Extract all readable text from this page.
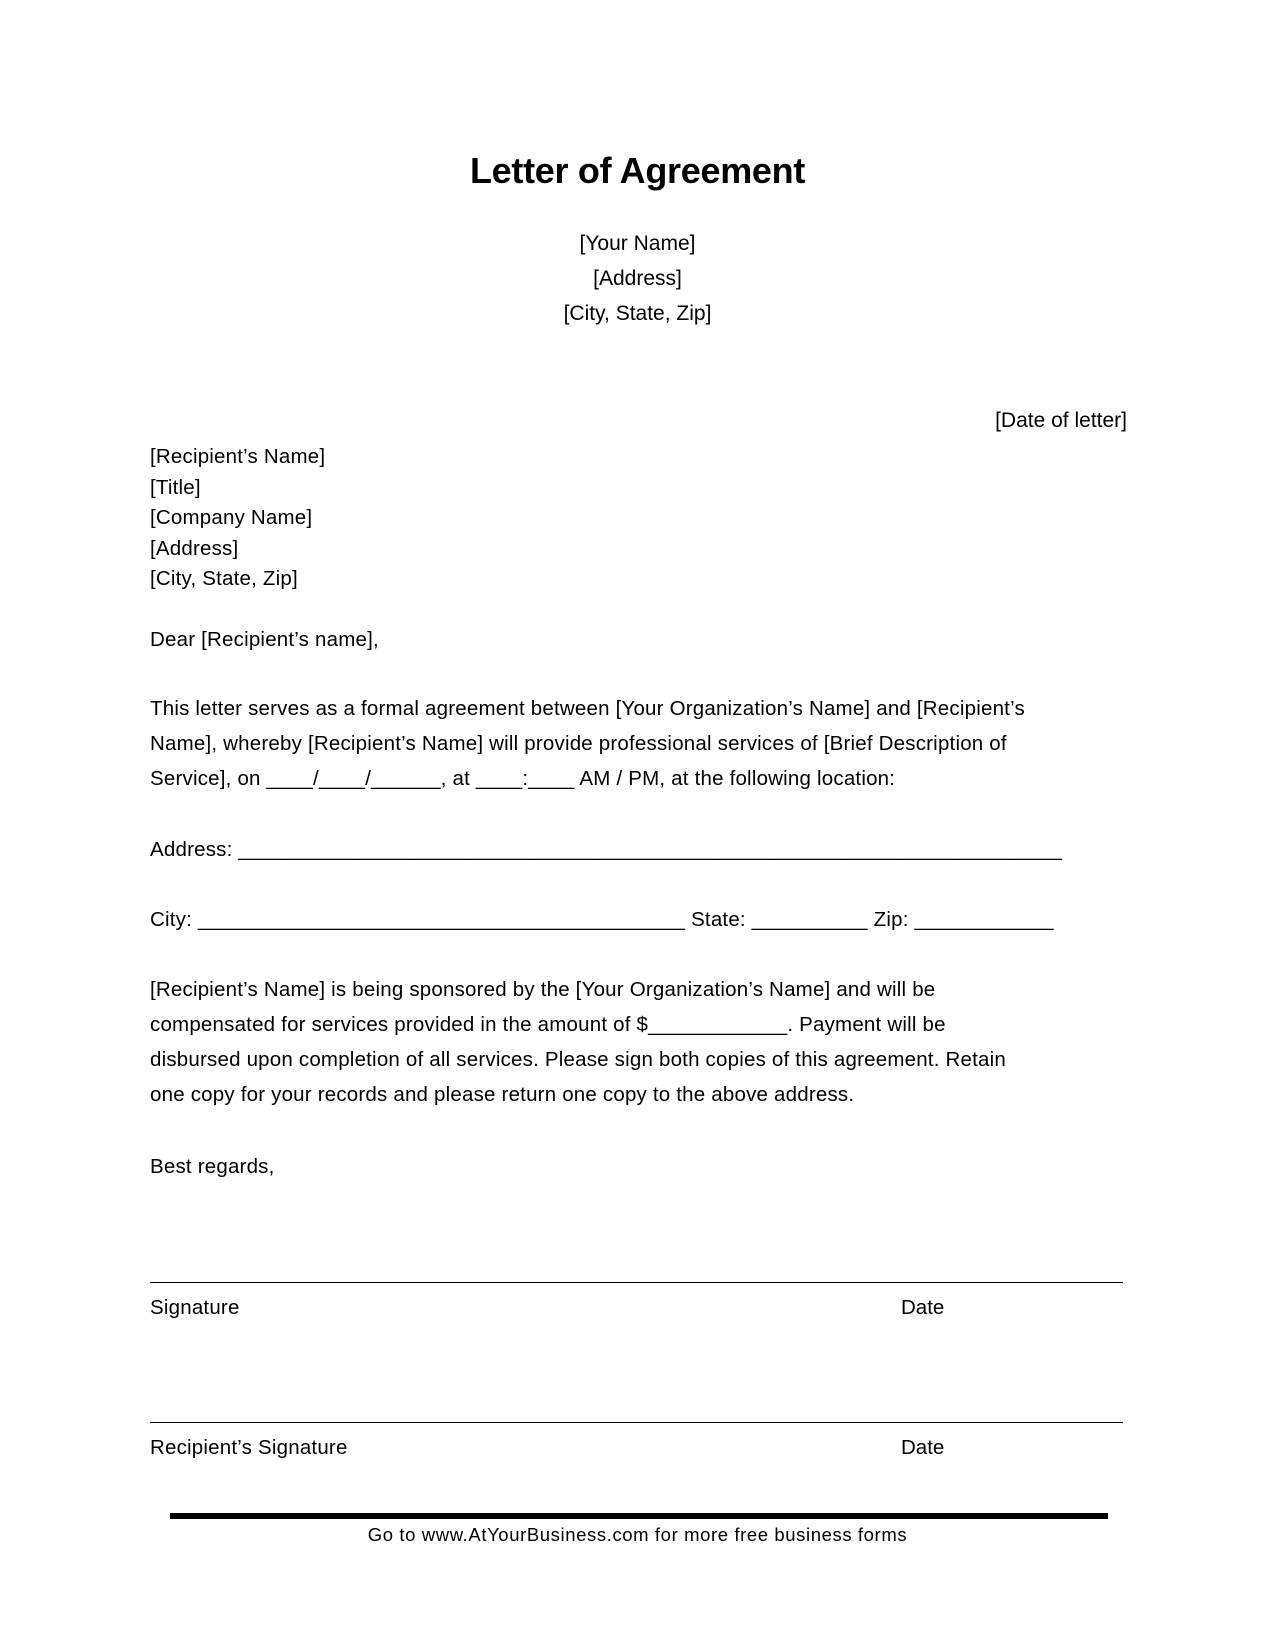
Letter of Agreement
[Your Name]
[Address]
[City, State, Zip]
[Date of letter]
[Recipient’s Name]
[Title]
[Company Name]
[Address]
[City, State, Zip]
Dear [Recipient’s name],
This letter serves as a formal agreement between [Your Organization’s Name] and [Recipient’s
Name], whereby [Recipient’s Name] will provide professional services of [Brief Description of
Service], on ____/____/______, at ____:____ AM / PM, at the following location:
Address: _______________________________________________________________________
City: __________________________________________ State: __________ Zip: ____________
[Recipient’s Name] is being sponsored by the [Your Organization’s Name] and will be
compensated for services provided in the amount of $____________. Payment will be
disbursed upon completion of all services. Please sign both copies of this agreement. Retain
one copy for your records and please return one copy to the above address.
Best regards,
Signature	Date
Recipient’s Signature	Date
Go to www.AtYourBusiness.com for more free business forms
